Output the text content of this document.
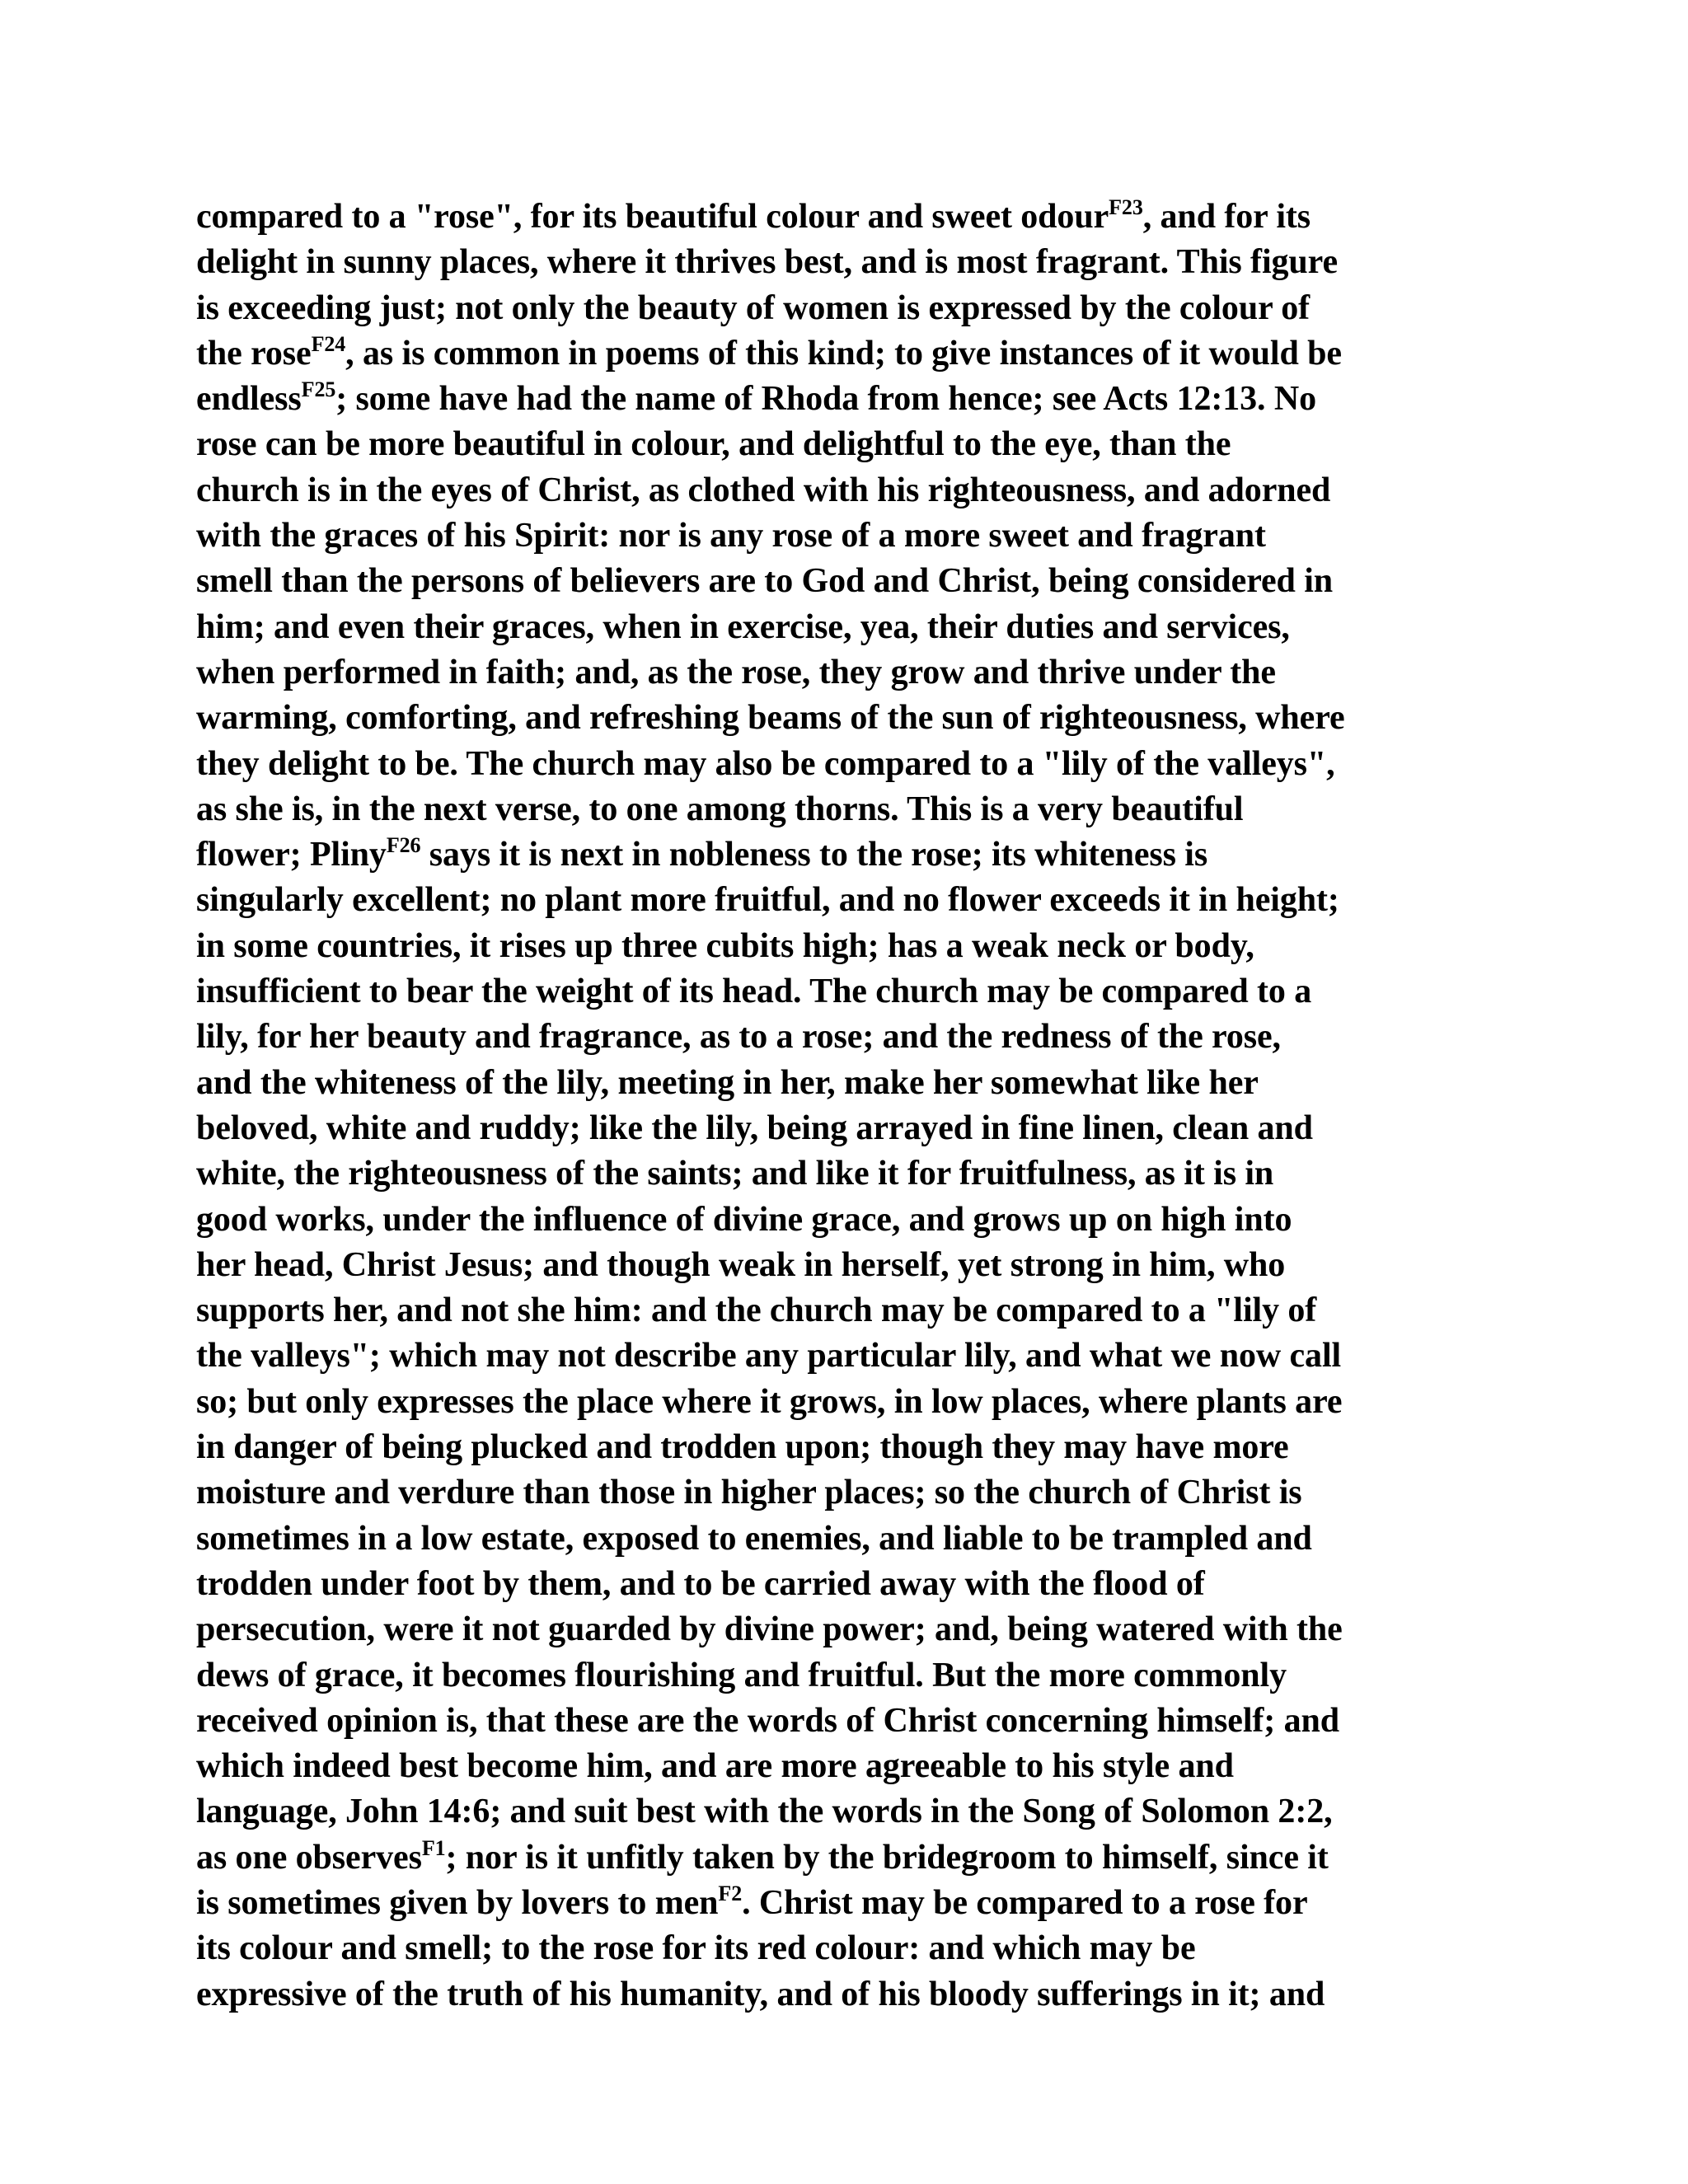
compared to a "rose", for its beautiful colour and sweet odour$^{F23}$, and for its
delight in sunny places, where it thrives best, and is most fragrant. This figure
is exceeding just; not only the beauty of women is expressed by the colour of
the rose$^{F24}$, as is common in poems of this kind; to give instances of it would be
endless$^{F25}$; some have had the name of Rhoda from hence; see Acts 12:13. No
rose can be more beautiful in colour, and delightful to the eye, than the
church is in the eyes of Christ, as clothed with his righteousness, and adorned
with the graces of his Spirit: nor is any rose of a more sweet and fragrant
smell than the persons of believers are to God and Christ, being considered in
him; and even their graces, when in exercise, yea, their duties and services,
when performed in faith; and, as the rose, they grow and thrive under the
warming, comforting, and refreshing beams of the sun of righteousness, where
they delight to be. The church may also be compared to a "lily of the valleys",
as she is, in the next verse, to one among thorns. This is a very beautiful
flower; Pliny$^{F26}$ says it is next in nobleness to the rose; its whiteness is
singularly excellent; no plant more fruitful, and no flower exceeds it in height;
in some countries, it rises up three cubits high; has a weak neck or body,
insufficient to bear the weight of its head. The church may be compared to a
lily, for her beauty and fragrance, as to a rose; and the redness of the rose,
and the whiteness of the lily, meeting in her, make her somewhat like her
beloved, white and ruddy; like the lily, being arrayed in fine linen, clean and
white, the righteousness of the saints; and like it for fruitfulness, as it is in
good works, under the influence of divine grace, and grows up on high into
her head, Christ Jesus; and though weak in herself, yet strong in him, who
supports her, and not she him: and the church may be compared to a "lily of
the valleys"; which may not describe any particular lily, and what we now call
so; but only expresses the place where it grows, in low places, where plants are
in danger of being plucked and trodden upon; though they may have more
moisture and verdure than those in higher places; so the church of Christ is
sometimes in a low estate, exposed to enemies, and liable to be trampled and
trodden under foot by them, and to be carried away with the flood of
persecution, were it not guarded by divine power; and, being watered with the
dews of grace, it becomes flourishing and fruitful. But the more commonly
received opinion is, that these are the words of Christ concerning himself; and
which indeed best become him, and are more agreeable to his style and
language, John 14:6; and suit best with the words in the Song of Solomon 2:2,
as one observes$^{F1}$; nor is it unfitly taken by the bridegroom to himself, since it
is sometimes given by lovers to men$^{F2}$. Christ may be compared to a rose for
its colour and smell; to the rose for its red colour: and which may be
expressive of the truth of his humanity, and of his bloody sufferings in it; and
